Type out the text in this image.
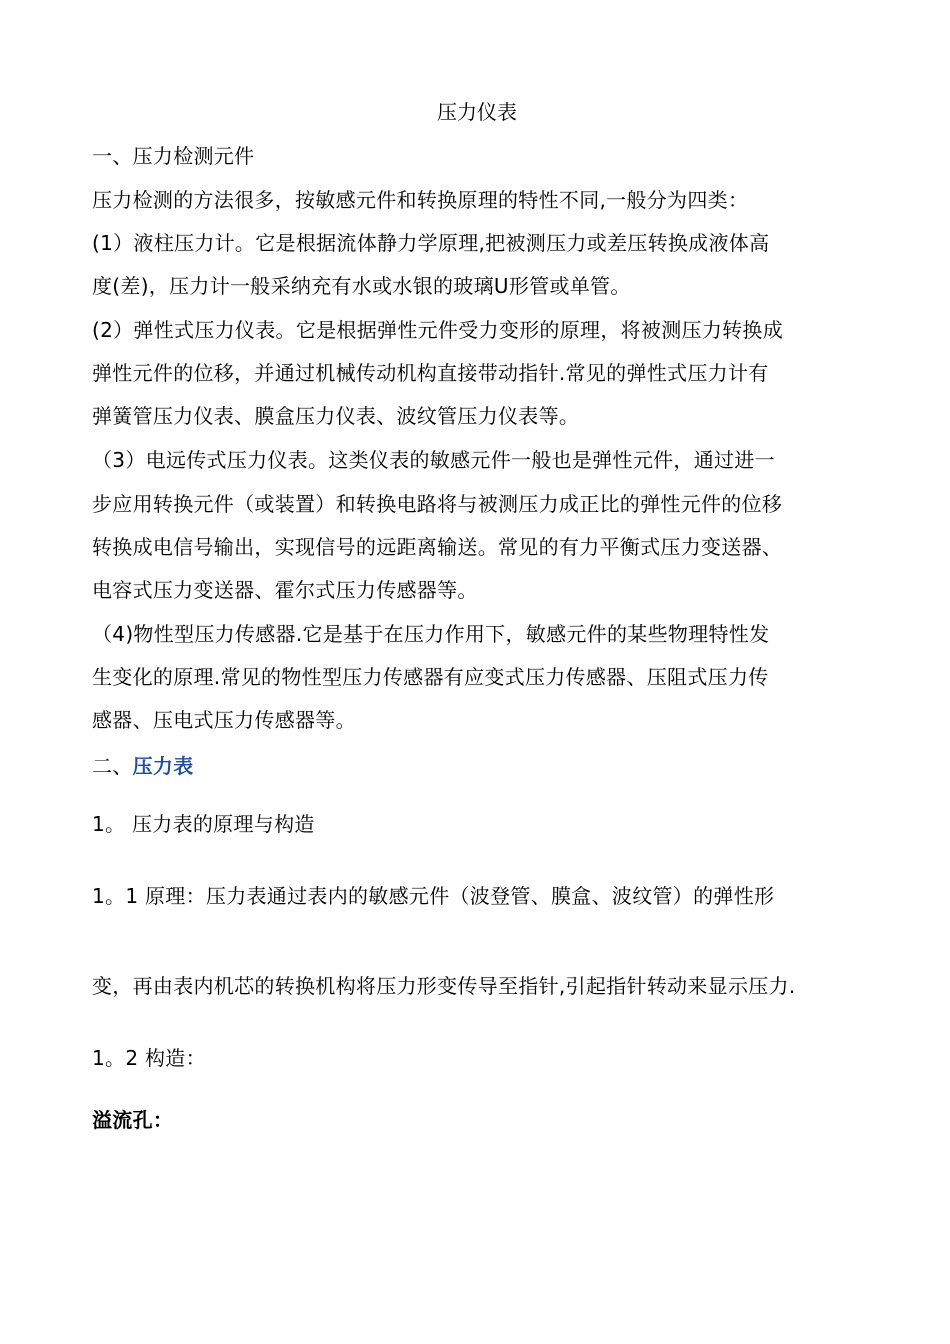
压力仪表
一、压力检测元件
压力检测的方法很多，按敏感元件和转换原理的特性不同,一般分为四类：
(1）液柱压力计。它是根据流体静力学原理,把被测压力或差压转换成液体高
度(差)，压力计一般采纳充有水或水银的玻璃U形管或单管。
(2）弹性式压力仪表。它是根据弹性元件受力变形的原理，将被测压力转换成
弹性元件的位移，并通过机械传动机构直接带动指针.常见的弹性式压力计有
弹簧管压力仪表、膜盒压力仪表、波纹管压力仪表等。
（3）电远传式压力仪表。这类仪表的敏感元件一般也是弹性元件，通过进一
步应用转换元件（或装置）和转换电路将与被测压力成正比的弹性元件的位移
转换成电信号输出，实现信号的远距离输送。常见的有力平衡式压力变送器、
电容式压力变送器、霍尔式压力传感器等。
（4)物性型压力传感器.它是基于在压力作用下，敏感元件的某些物理特性发
生变化的原理.常见的物性型压力传感器有应变式压力传感器、压阻式压力传
感器、压电式压力传感器等。
二、压力表
1。 压力表的原理与构造
1。1 原理：压力表通过表内的敏感元件（波登管、膜盒、波纹管）的弹性形
变，再由表内机芯的转换机构将压力形变传导至指针,引起指针转动来显示压力.
1。2 构造：
溢流孔：
